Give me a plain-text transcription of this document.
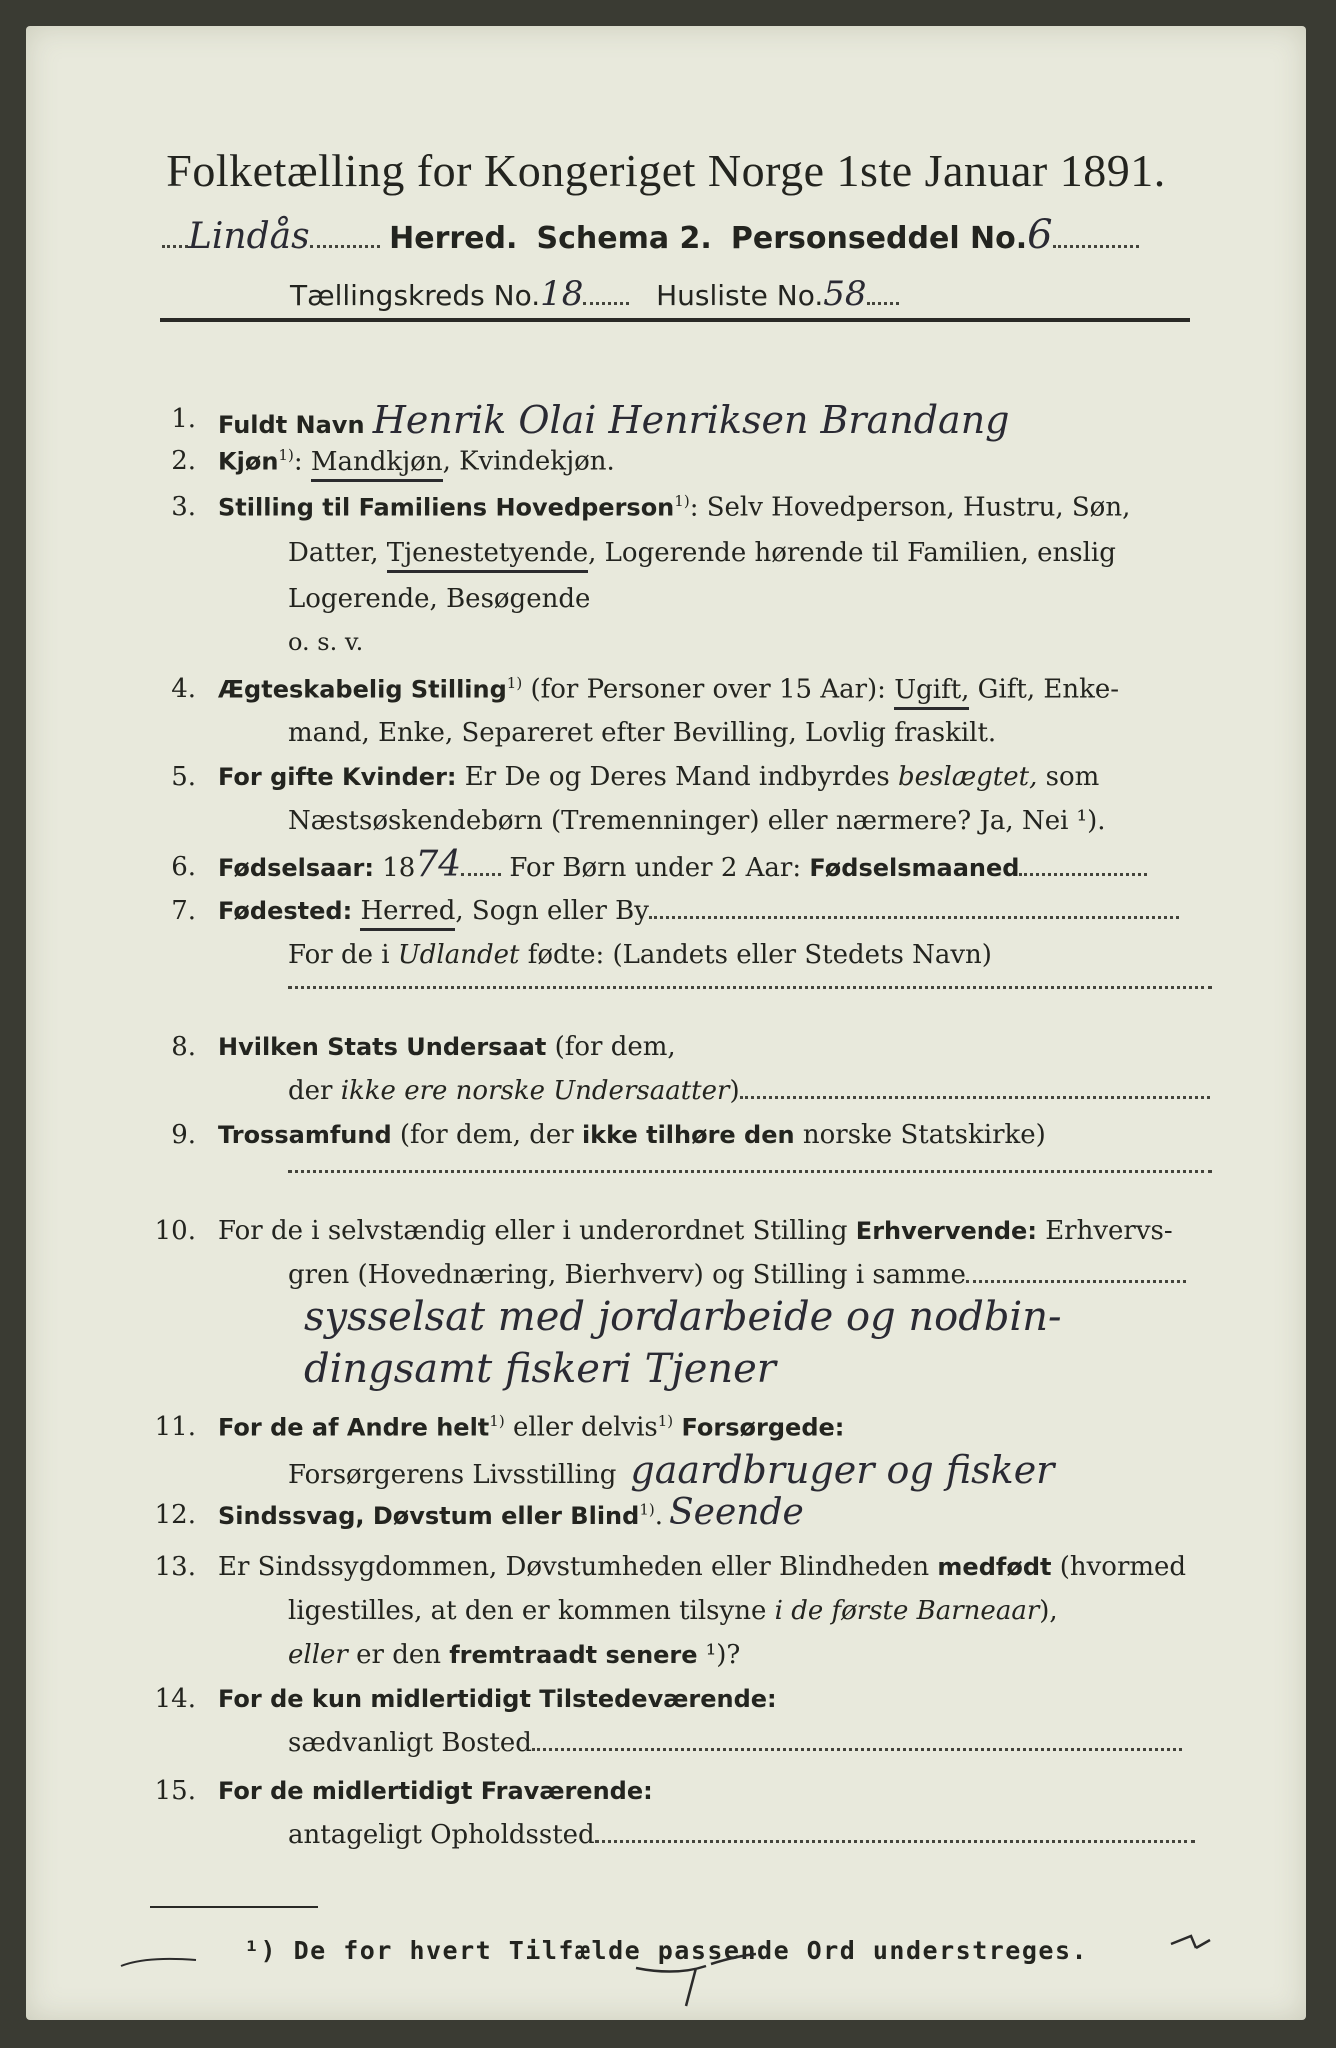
Folketælling for Kongeriget Norge 1ste Januar 1891.
Lindås	Herred. Schema 2. Personseddel No.6
Tællingskreds No.18	Husliste No.58
1. Fuldt Navn Henrik Olai Henriksen Brandang
2. Kjøn$^{1)}$: Mandkjøn, Kvindekjøn.
3. Stilling til Familiens Hovedperson$^{1)}$: Selv Hovedperson, Hustru, Søn,
Datter, Tjenestetyende, Logerende hørende til Familien, enslig
Logerende, Besøgende
o. s. v.
4. Ægteskabelig Stilling$^{1)}$ (for Personer over 15 Aar): Ugift, Gift, Enke-
mand, Enke, Separeret efter Bevilling, Lovlig fraskilt.
5. For gifte Kvinder: Er De og Deres Mand indbyrdes beslægtet, som
Næstsøskendebørn (Tremenninger) eller nærmere? Ja, Nei ¹).
6. Fødselsaar: 1874 For Børn under 2 Aar: Fødselsmaaned
7. Fødested: Herred, Sogn eller By
For de i Udlandet fødte: (Landets eller Stedets Navn)
8. Hvilken Stats Undersaat (for dem,
der ikke ere norske Undersaatter)
9. Trossamfund (for dem, der ikke tilhøre den norske Statskirke)
10. For de i selvstændig eller i underordnet Stilling Erhvervende: Erhvervs-
gren (Hovednæring, Bierhverv) og Stilling i samme
sysselsat med jordarbeide og nodbin-
dingsamt fiskeri Tjener
11. For de af Andre helt$^{1)}$ eller delvis$^{1)}$ Forsørgede:
Forsørgerens Livsstilling gaardbruger og fisker
12. Sindssvag, Døvstum eller Blind$^{1)}$. Seende
13. Er Sindssygdommen, Døvstumheden eller Blindheden medfødt (hvormed
ligestilles, at den er kommen tilsyne i de første Barneaar),
eller er den fremtraadt senere ¹)?
14. For de kun midlertidigt Tilstedeværende:
sædvanligt Bosted
15. For de midlertidigt Fraværende:
antageligt Opholdssted
¹) De for hvert Tilfælde passende Ord understreges.
